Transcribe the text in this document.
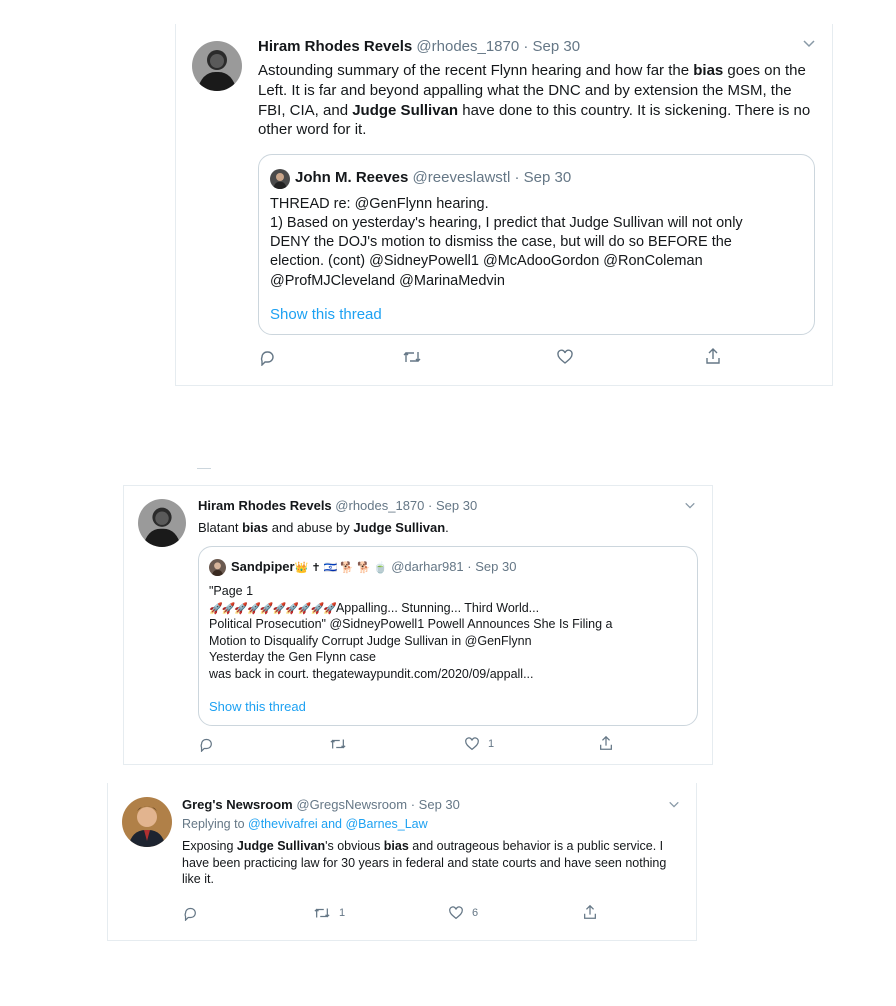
Hiram Rhodes Revels @rhodes_1870 · Sep 30
Astounding summary of the recent Flynn hearing and how far the bias goes on the Left. It is far and beyond appalling what the DNC and by extension the MSM, the FBI, CIA, and Judge Sullivan have done to this country. It is sickening. There is no other word for it.
John M. Reeves @reeveslawstl · Sep 30
THREAD re: @GenFlynn hearing.
1) Based on yesterday's hearing, I predict that Judge Sullivan will not only
DENY the DOJ's motion to dismiss the case, but will do so BEFORE the
election. (cont) @SidneyPowell1 @McAdooGordon @RonColeman
@ProfMJCleveland @MarinaMedvin
Show this thread
Hiram Rhodes Revels @rhodes_1870 · Sep 30
Blatant bias and abuse by Judge Sullivan.
Sandpiper👑 ✝ 🇮🇱 🐕 🐕 🍵 @darhar981 · Sep 30
"Page 1
🚀🚀🚀🚀🚀🚀🚀🚀🚀🚀Appalling... Stunning... Third World...
Political Prosecution" @SidneyPowell1 Powell Announces She Is Filing a
Motion to Disqualify Corrupt Judge Sullivan in @GenFlynn
Yesterday the Gen Flynn case
was back in court. thegatewaypundit.com/2020/09/appall...
Show this thread
1
Greg's Newsroom @GregsNewsroom · Sep 30
Replying to @thevivafrei and @Barnes_Law
Exposing Judge Sullivan's obvious bias and outrageous behavior is a public service. I have been practicing law for 30 years in federal and state courts and have seen nothing like it.
1	6
